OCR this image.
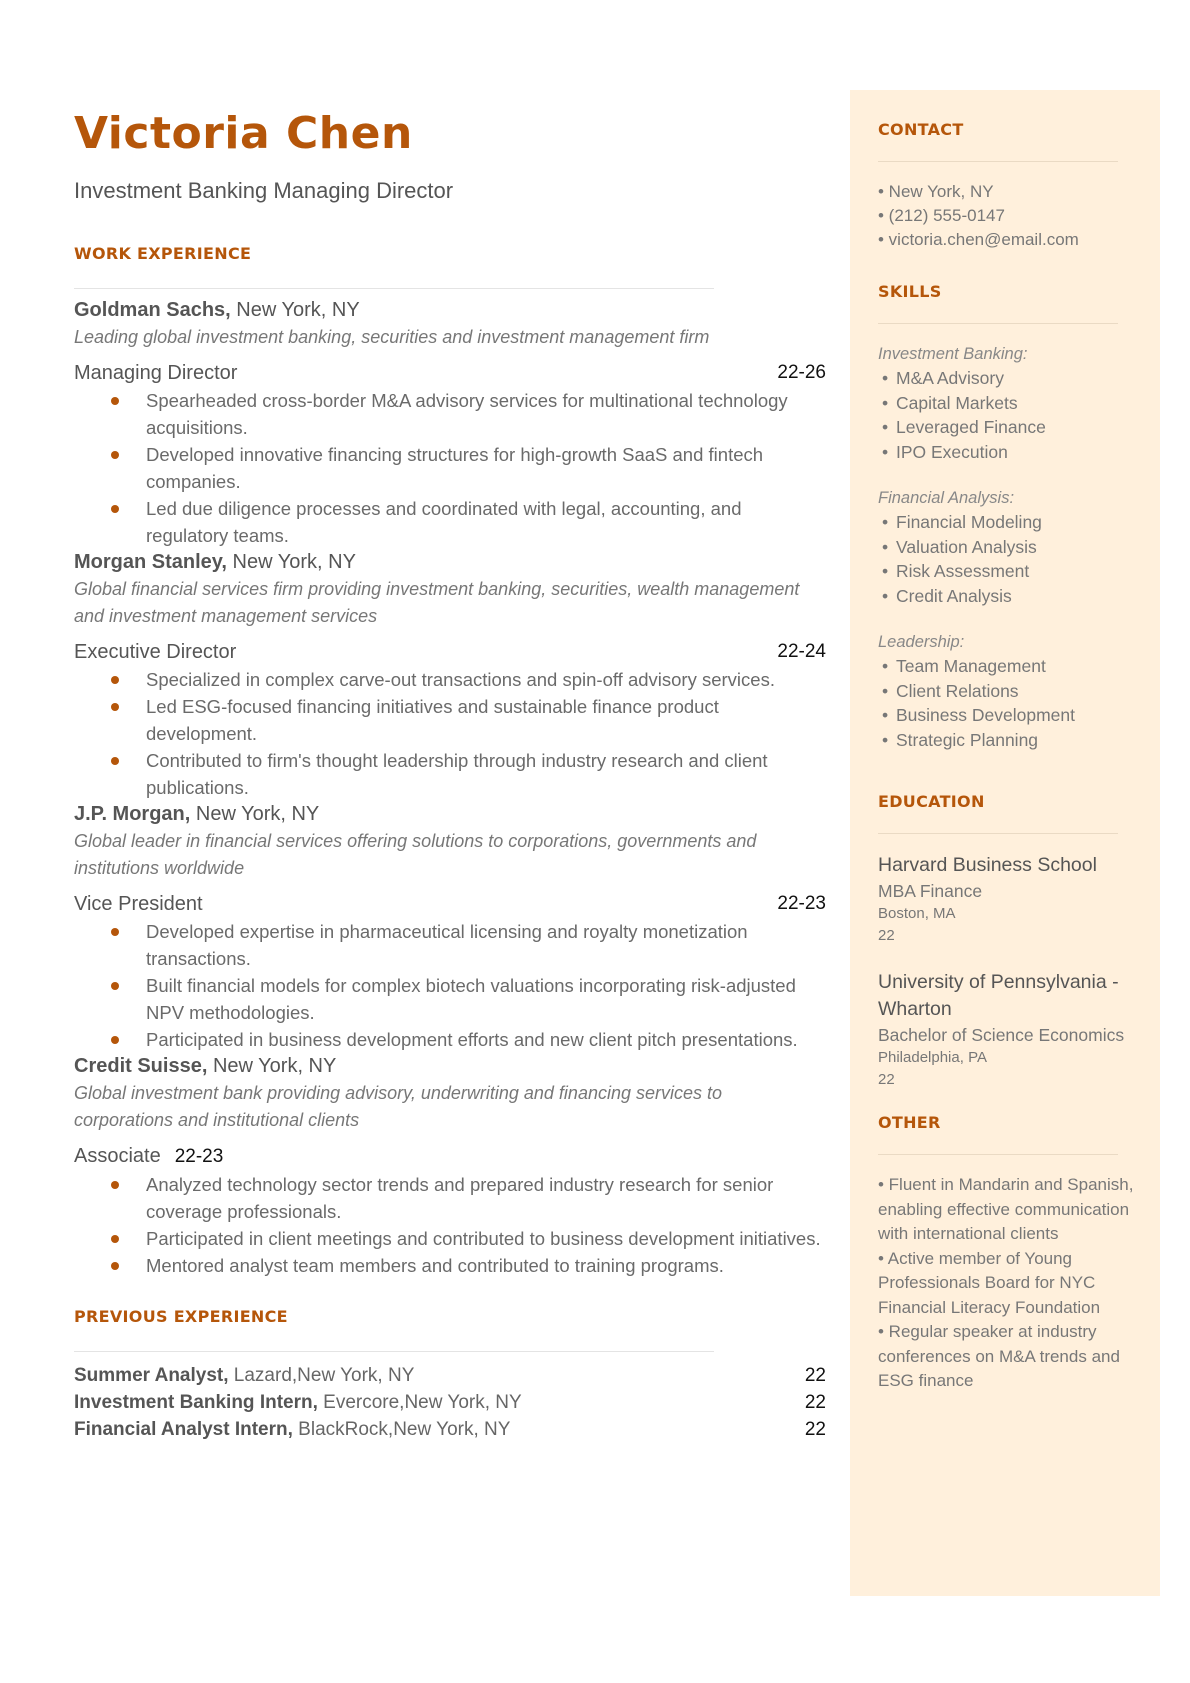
Victoria Chen
Investment Banking Managing Director
WORK EXPERIENCE
Goldman Sachs, New York, NY
Leading global investment banking, securities and investment management firm
Managing Director	22-26
Spearheaded cross-border M&A advisory services for multinational technology acquisitions.
Developed innovative financing structures for high-growth SaaS and fintech companies.
Led due diligence processes and coordinated with legal, accounting, and regulatory teams.
Morgan Stanley, New York, NY
Global financial services firm providing investment banking, securities, wealth management and investment management services
Executive Director	22-24
Specialized in complex carve-out transactions and spin-off advisory services.
Led ESG-focused financing initiatives and sustainable finance product development.
Contributed to firm's thought leadership through industry research and client publications.
J.P. Morgan, New York, NY
Global leader in financial services offering solutions to corporations, governments and institutions worldwide
Vice President	22-23
Developed expertise in pharmaceutical licensing and royalty monetization transactions.
Built financial models for complex biotech valuations incorporating risk-adjusted NPV methodologies.
Participated in business development efforts and new client pitch presentations.
Credit Suisse, New York, NY
Global investment bank providing advisory, underwriting and financing services to corporations and institutional clients
Associate 22-23
Analyzed technology sector trends and prepared industry research for senior coverage professionals.
Participated in client meetings and contributed to business development initiatives.
Mentored analyst team members and contributed to training programs.
PREVIOUS EXPERIENCE
Summer Analyst, Lazard,New York, NY	22
Investment Banking Intern, Evercore,New York, NY	22
Financial Analyst Intern, BlackRock,New York, NY	22
CONTACT
• New York, NY
• (212) 555-0147
• victoria.chen@email.com
SKILLS
Investment Banking:
• M&A Advisory
• Capital Markets
• Leveraged Finance
• IPO Execution
Financial Analysis:
• Financial Modeling
• Valuation Analysis
• Risk Assessment
• Credit Analysis
Leadership:
• Team Management
• Client Relations
• Business Development
• Strategic Planning
EDUCATION
Harvard Business School
MBA Finance
Boston, MA
22
University of Pennsylvania - Wharton
Bachelor of Science Economics
Philadelphia, PA
22
OTHER
• Fluent in Mandarin and Spanish, enabling effective communication with international clients
• Active member of Young Professionals Board for NYC Financial Literacy Foundation
• Regular speaker at industry conferences on M&A trends and ESG finance
